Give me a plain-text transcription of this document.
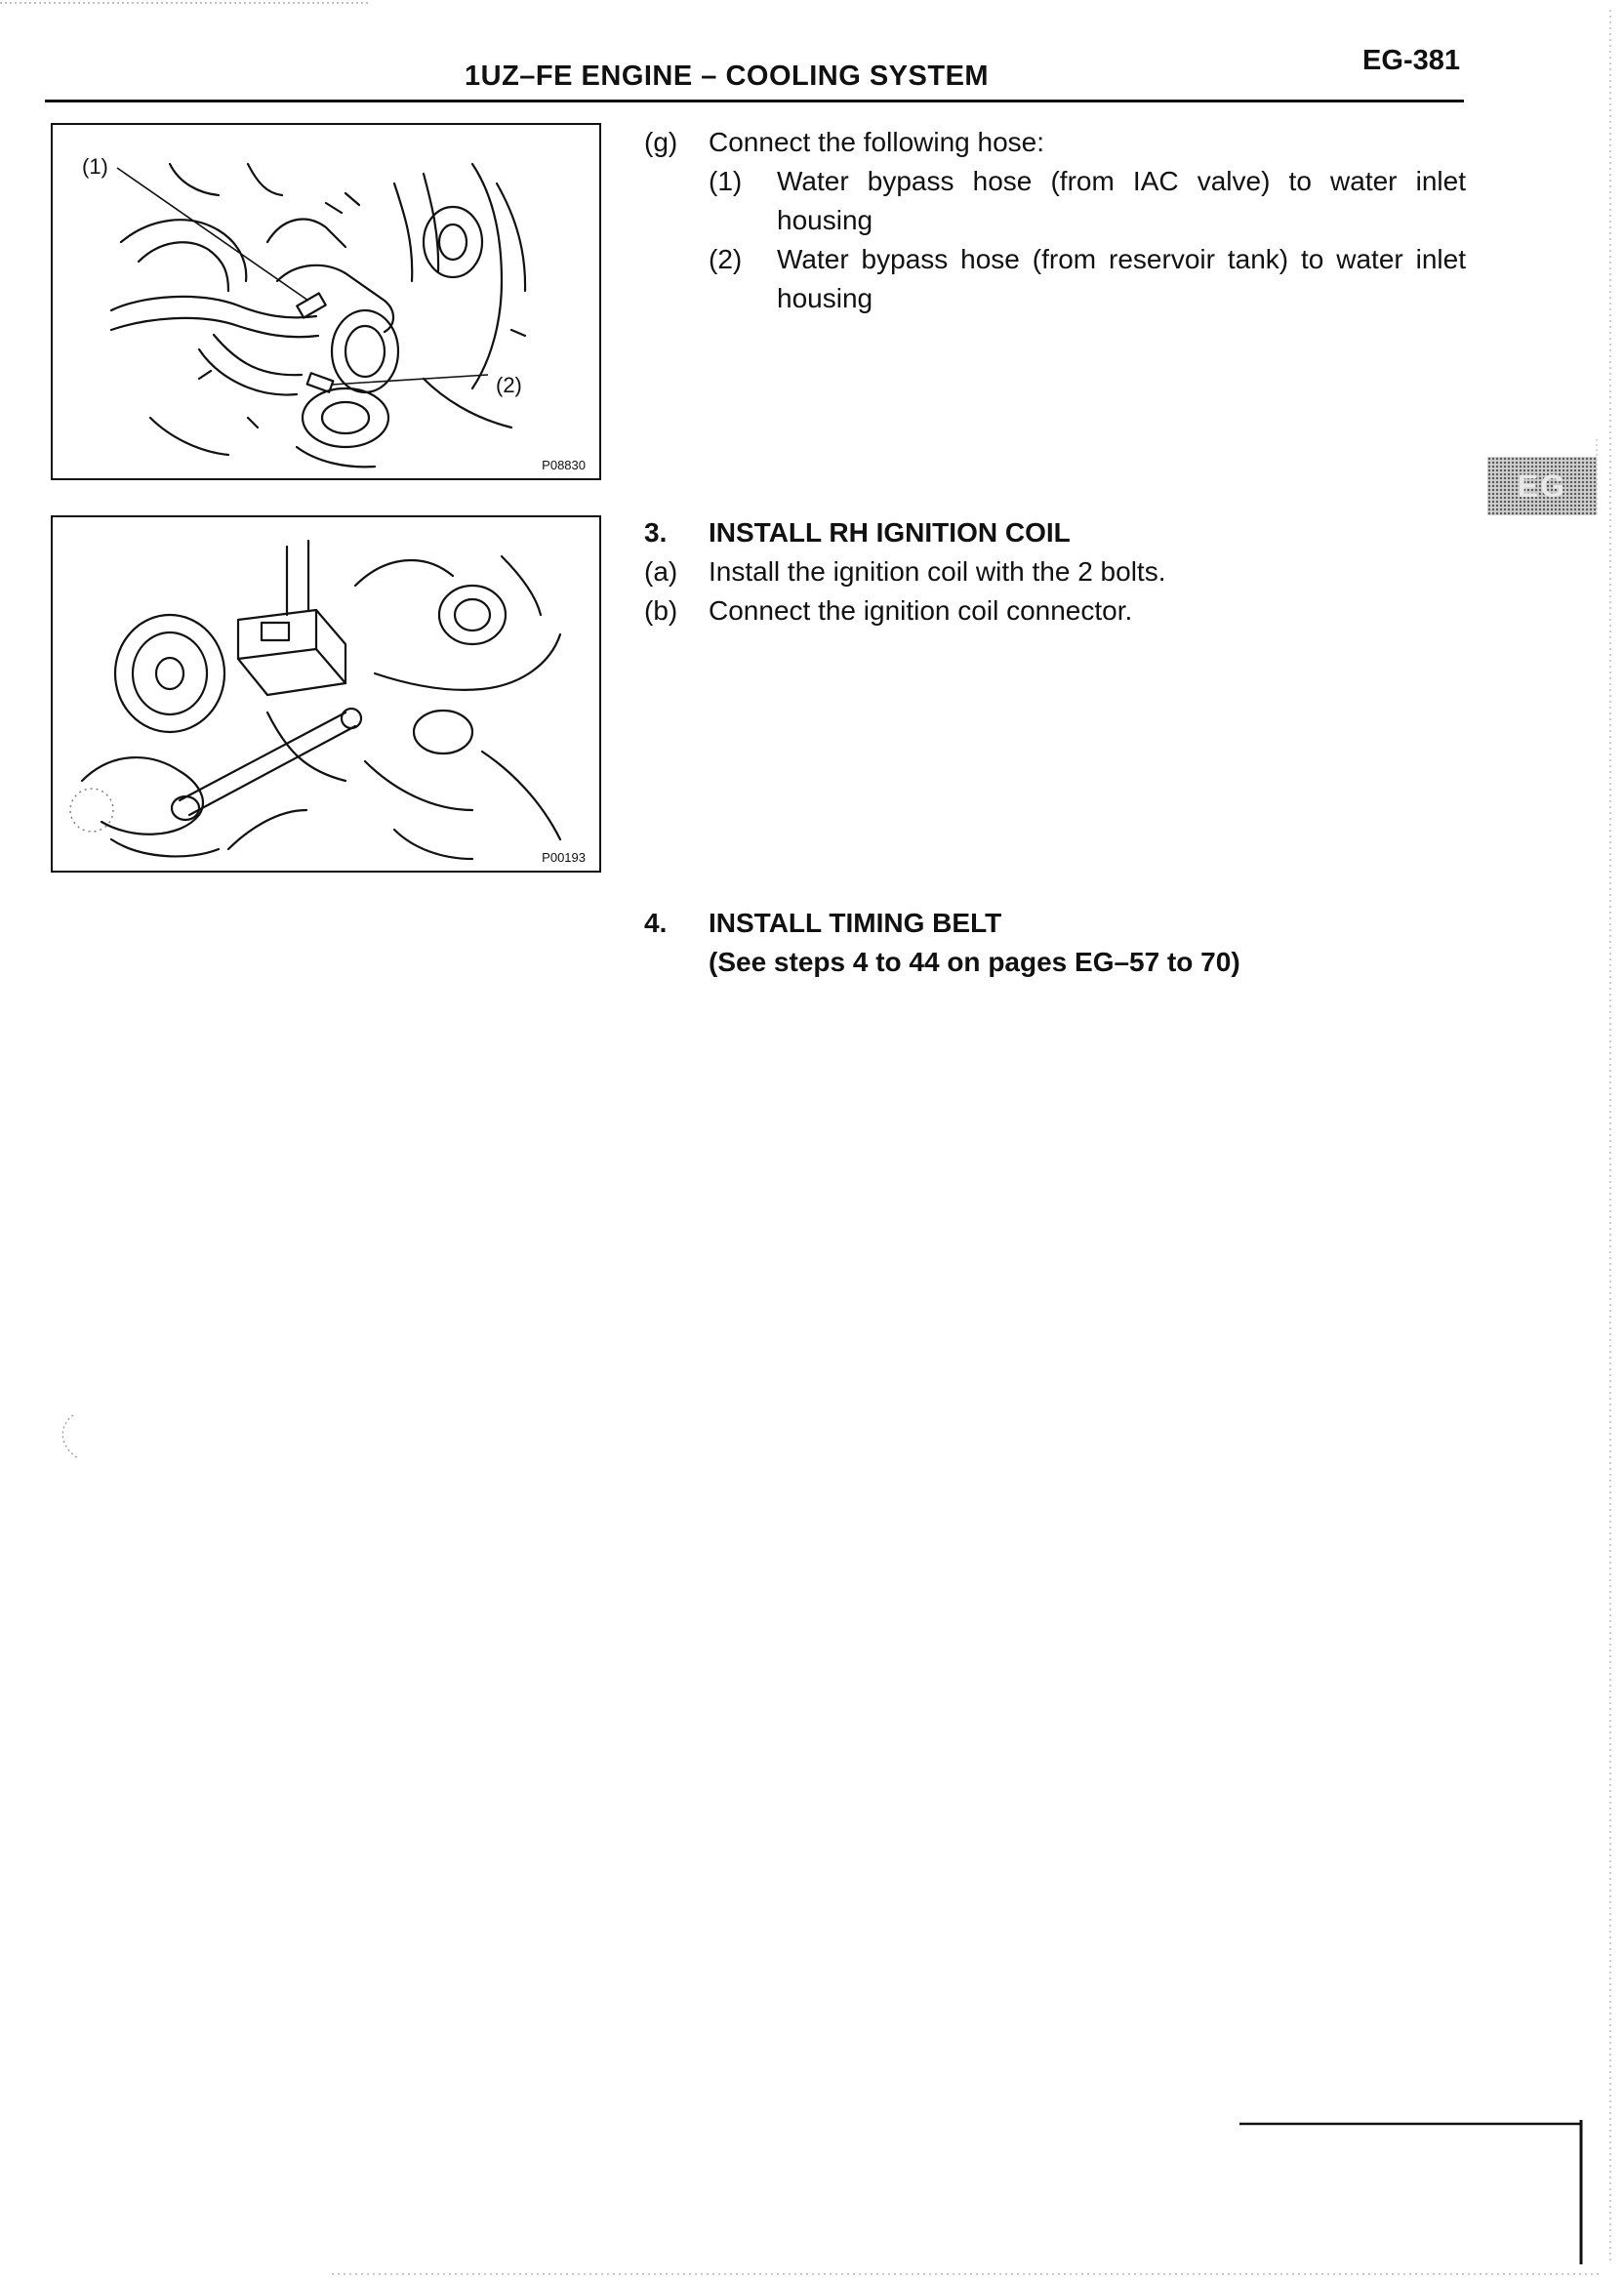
1UZ–FE ENGINE – COOLING SYSTEM	EG-381
(1)
(2)
P08830
P00193
(g) Connect the following hose:
(1) Water bypass hose (from IAC valve) to water inlet housing
(2) Water bypass hose (from reservoir tank) to water inlet housing
3. INSTALL RH IGNITION COIL
(a) Install the ignition coil with the 2 bolts.
(b) Connect the ignition coil connector.
4. INSTALL TIMING BELT
(See steps 4 to 44 on pages EG–57 to 70)
EG
